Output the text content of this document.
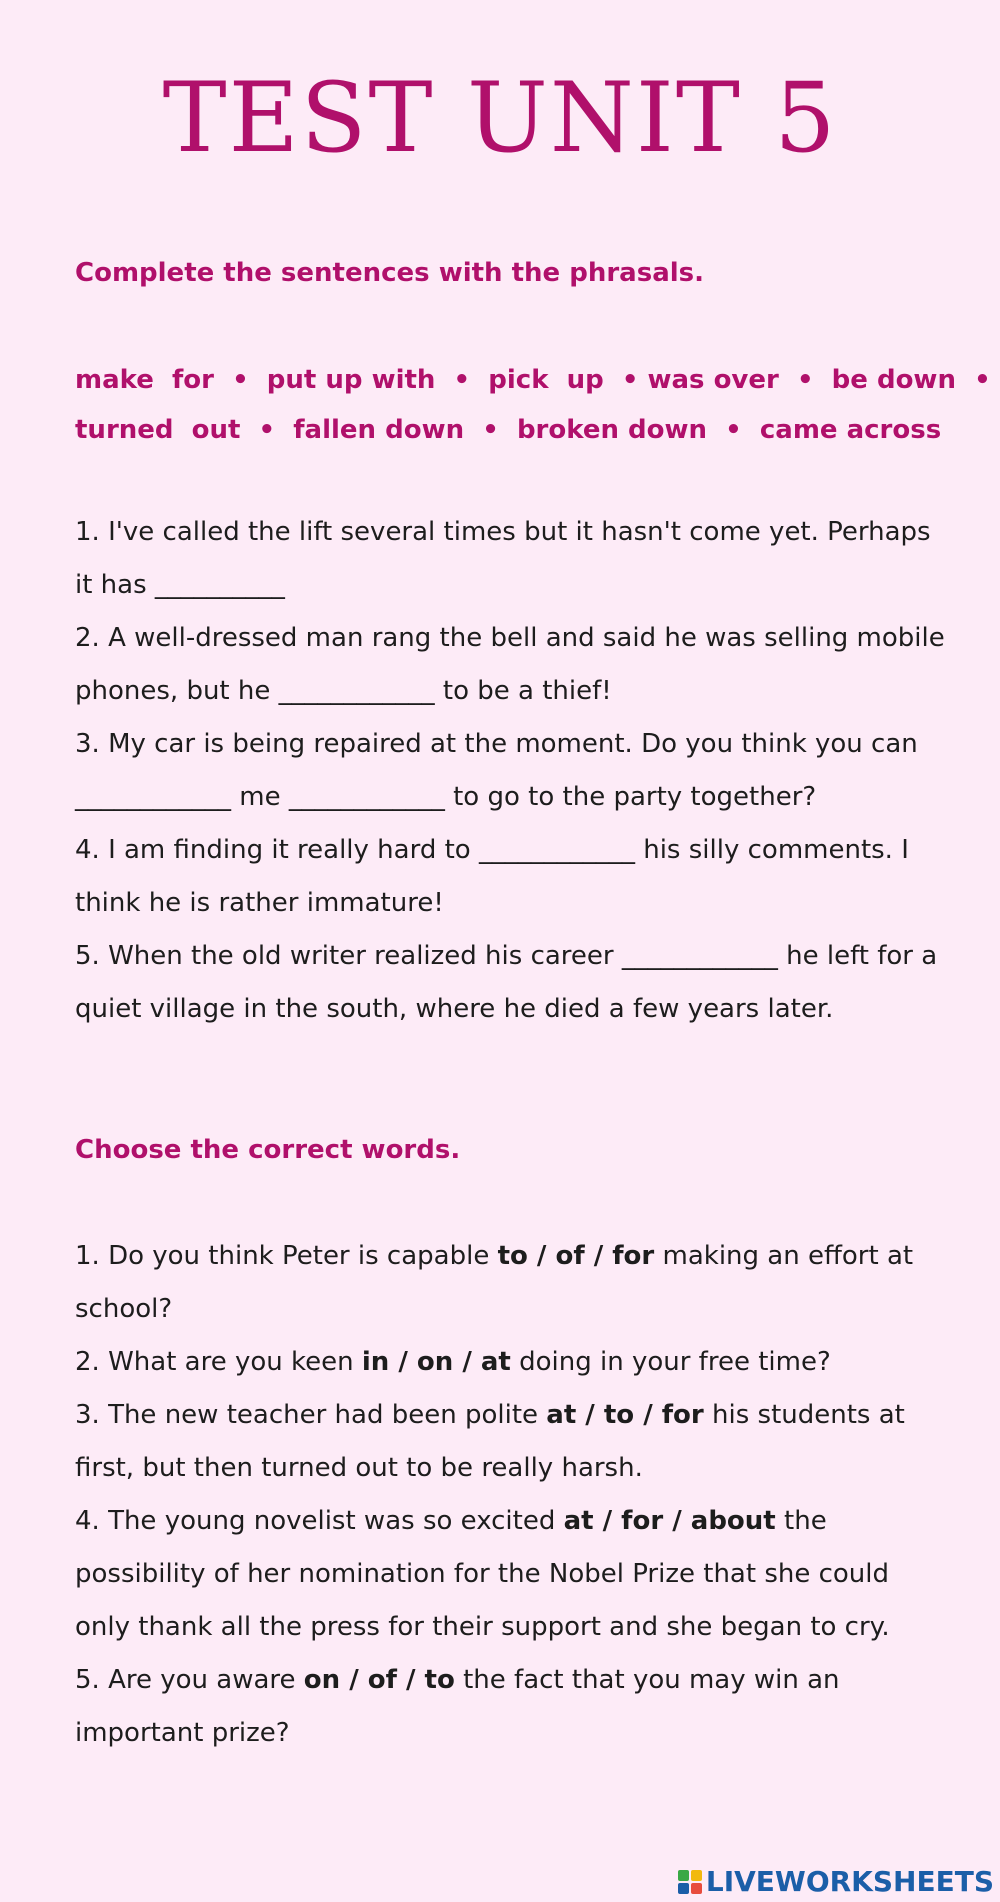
TEST UNIT 5
Complete the sentences with the phrasals.
make  for  •  put up with  •  pick  up  • was over  •  be down  •
turned  out  •  fallen down  •  broken down  •  came across

1. I've called the lift several times but it hasn't come yet. Perhaps it has __________

2. A well-dressed man rang the bell and said he was selling mobile phones, but he ____________ to be a thief!

3. My car is being repaired at the moment. Do you think you can ____________ me ____________ to go to the party together?

4. I am finding it really hard to ____________ his silly comments. I think he is rather immature!

5. When the old writer realized his career ____________ he left for a quiet village in the south, where he died a few years later.

Choose the correct words.

1. Do you think Peter is capable to / of / for making an effort at school?

2. What are you keen in / on / at doing in your free time?

3. The new teacher had been polite at / to / for his students at first, but then turned out to be really harsh.

4. The young novelist was so excited at / for / about the possibility of her nomination for the Nobel Prize that she could only thank all the press for their support and she began to cry.

5. Are you aware on / of / to the fact that you may win an important prize?

LIVEWORKSHEETS
